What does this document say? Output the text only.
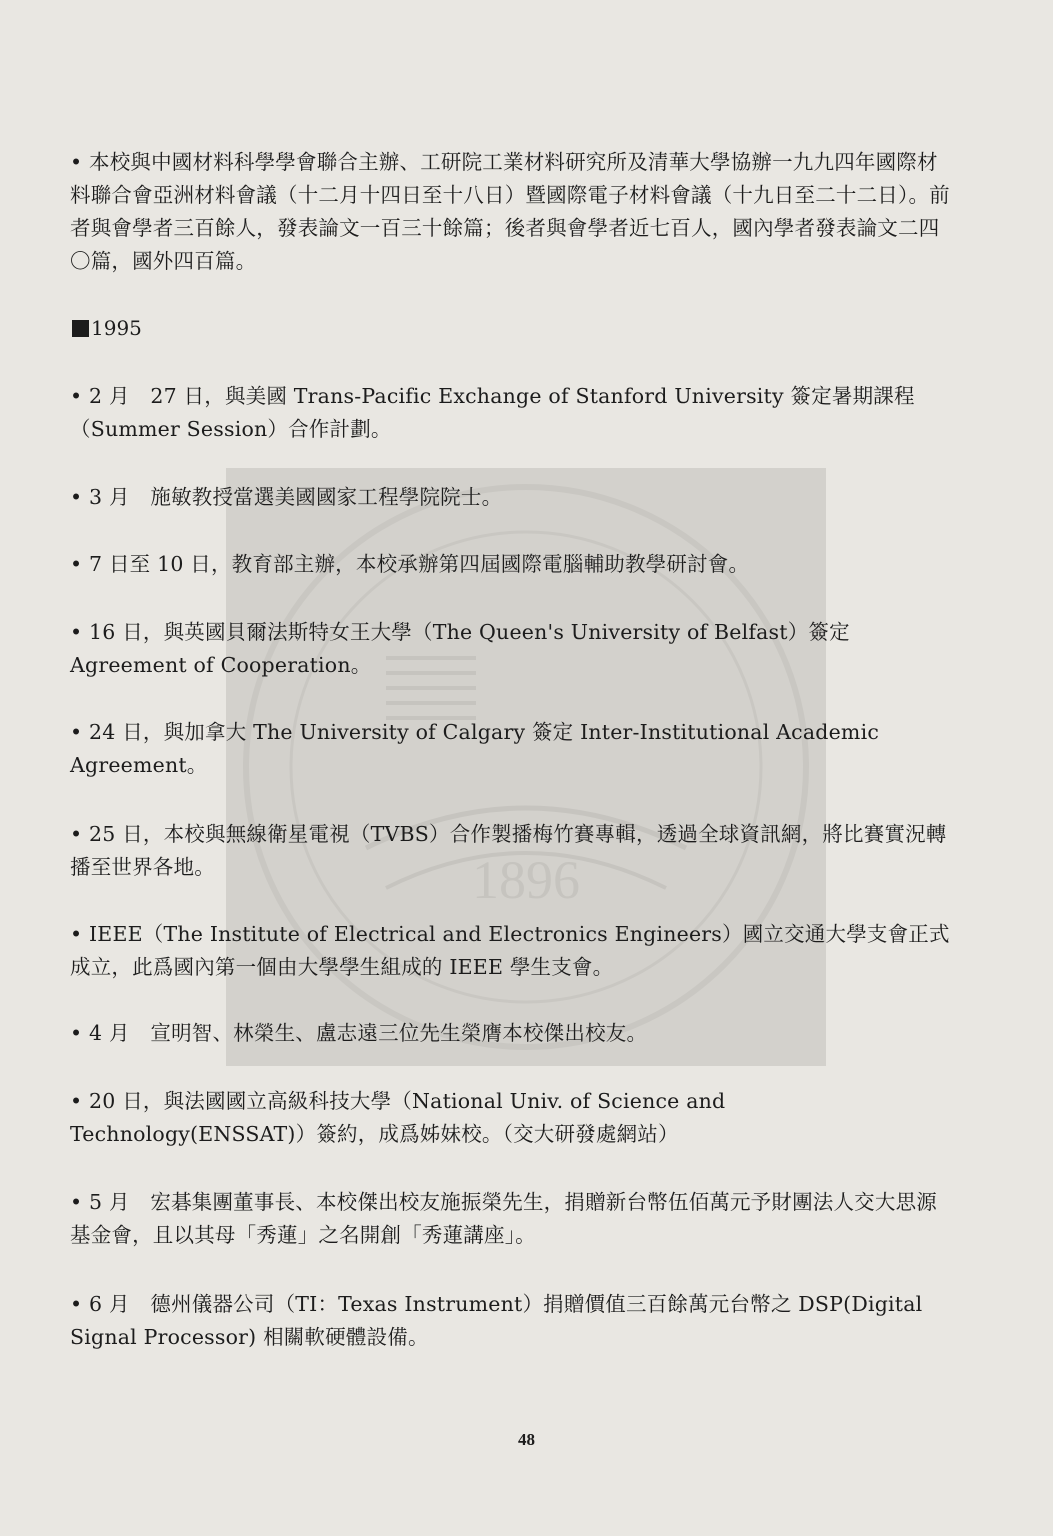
1896
• 本校與中國材料科學學會聯合主辦、工研院工業材料研究所及清華大學協辦一九九四年國際材料聯合會亞洲材料會議（十二月十四日至十八日）暨國際電子材料會議（十九日至二十二日）。前者與會學者三百餘人，發表論文一百三十餘篇；後者與會學者近七百人，國內學者發表論文二四〇篇，國外四百篇。
1995
• 2 月　27 日，與美國 Trans-Pacific Exchange of Stanford University 簽定暑期課程（Summer Session）合作計劃。
• 3 月　施敏教授當選美國國家工程學院院士。
• 7 日至 10 日，教育部主辦，本校承辦第四屆國際電腦輔助教學研討會。
• 16 日，與英國貝爾法斯特女王大學（The Queen's University of Belfast）簽定 Agreement of Cooperation。
• 24 日，與加拿大 The University of Calgary 簽定 Inter-Institutional Academic Agreement。
• 25 日，本校與無線衛星電視（TVBS）合作製播梅竹賽專輯，透過全球資訊網，將比賽實況轉播至世界各地。
• IEEE（The Institute of Electrical and Electronics Engineers）國立交通大學支會正式成立，此爲國內第一個由大學學生組成的 IEEE 學生支會。
• 4 月　宣明智、林榮生、盧志遠三位先生榮膺本校傑出校友。
• 20 日，與法國國立高級科技大學（National Univ. of Science and Technology(ENSSAT)）簽約，成爲姊妹校。（交大研發處網站）
• 5 月　宏碁集團董事長、本校傑出校友施振榮先生，捐贈新台幣伍佰萬元予財團法人交大思源基金會，且以其母「秀蓮」之名開創「秀蓮講座」。
• 6 月　德州儀器公司（TI：Texas Instrument）捐贈價值三百餘萬元台幣之 DSP(Digital Signal Processor) 相關軟硬體設備。
48
